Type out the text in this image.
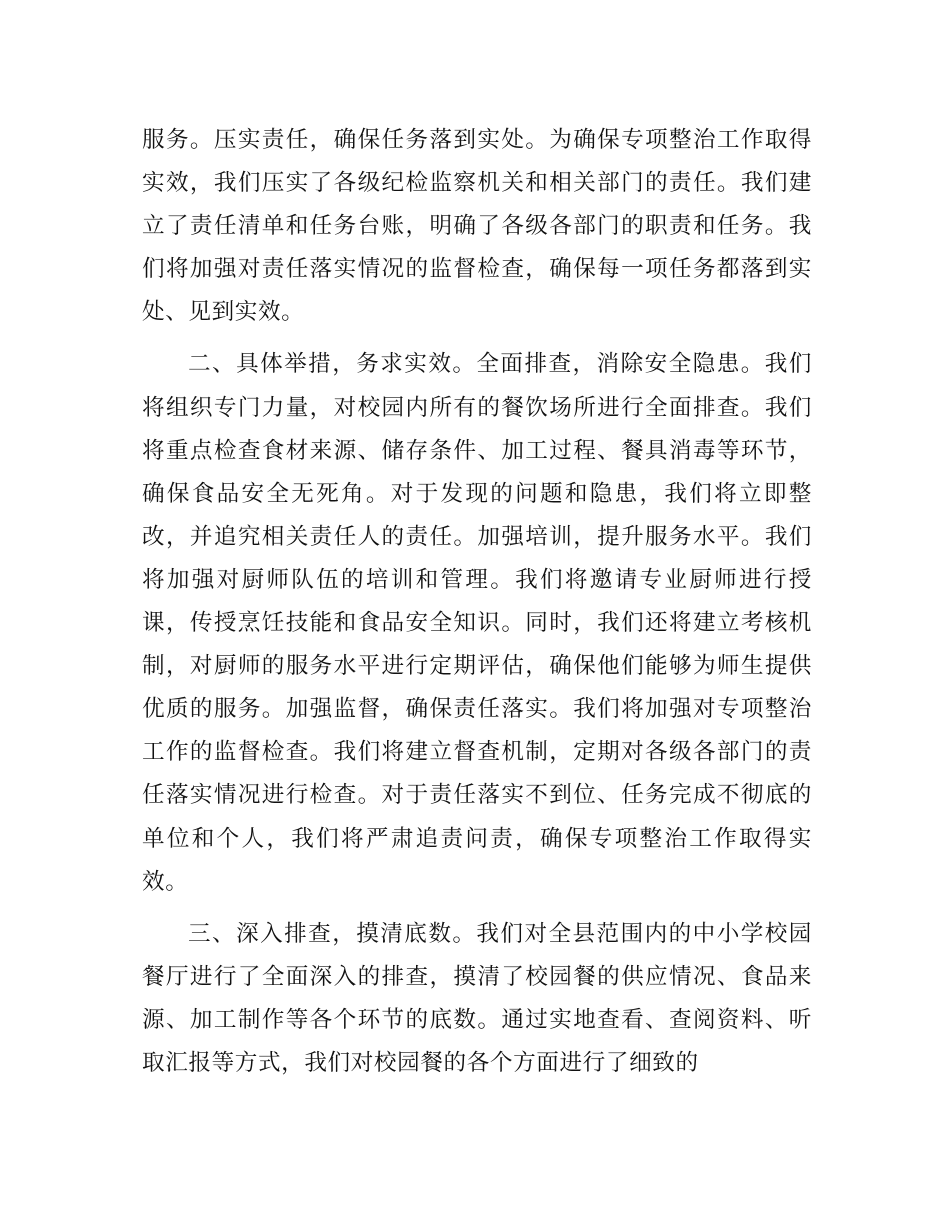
服务。压实责任，确保任务落到实处。为确保专项整治工作取得实效，我们压实了各级纪检监察机关和相关部门的责任。我们建立了责任清单和任务台账，明确了各级各部门的职责和任务。我们将加强对责任落实情况的监督检查，确保每一项任务都落到实处、见到实效。

二、具体举措，务求实效。全面排查，消除安全隐患。我们将组织专门力量，对校园内所有的餐饮场所进行全面排查。我们将重点检查食材来源、储存条件、加工过程、餐具消毒等环节，确保食品安全无死角。对于发现的问题和隐患，我们将立即整改，并追究相关责任人的责任。加强培训，提升服务水平。我们将加强对厨师队伍的培训和管理。我们将邀请专业厨师进行授课，传授烹饪技能和食品安全知识。同时，我们还将建立考核机制，对厨师的服务水平进行定期评估，确保他们能够为师生提供优质的服务。加强监督，确保责任落实。我们将加强对专项整治工作的监督检查。我们将建立督查机制，定期对各级各部门的责任落实情况进行检查。对于责任落实不到位、任务完成不彻底的单位和个人，我们将严肃追责问责，确保专项整治工作取得实效。

三、深入排查，摸清底数。我们对全县范围内的中小学校园餐厅进行了全面深入的排查，摸清了校园餐的供应情况、食品来源、加工制作等各个环节的底数。通过实地查看、查阅资料、听取汇报等方式，我们对校园餐的各个方面进行了细致的
